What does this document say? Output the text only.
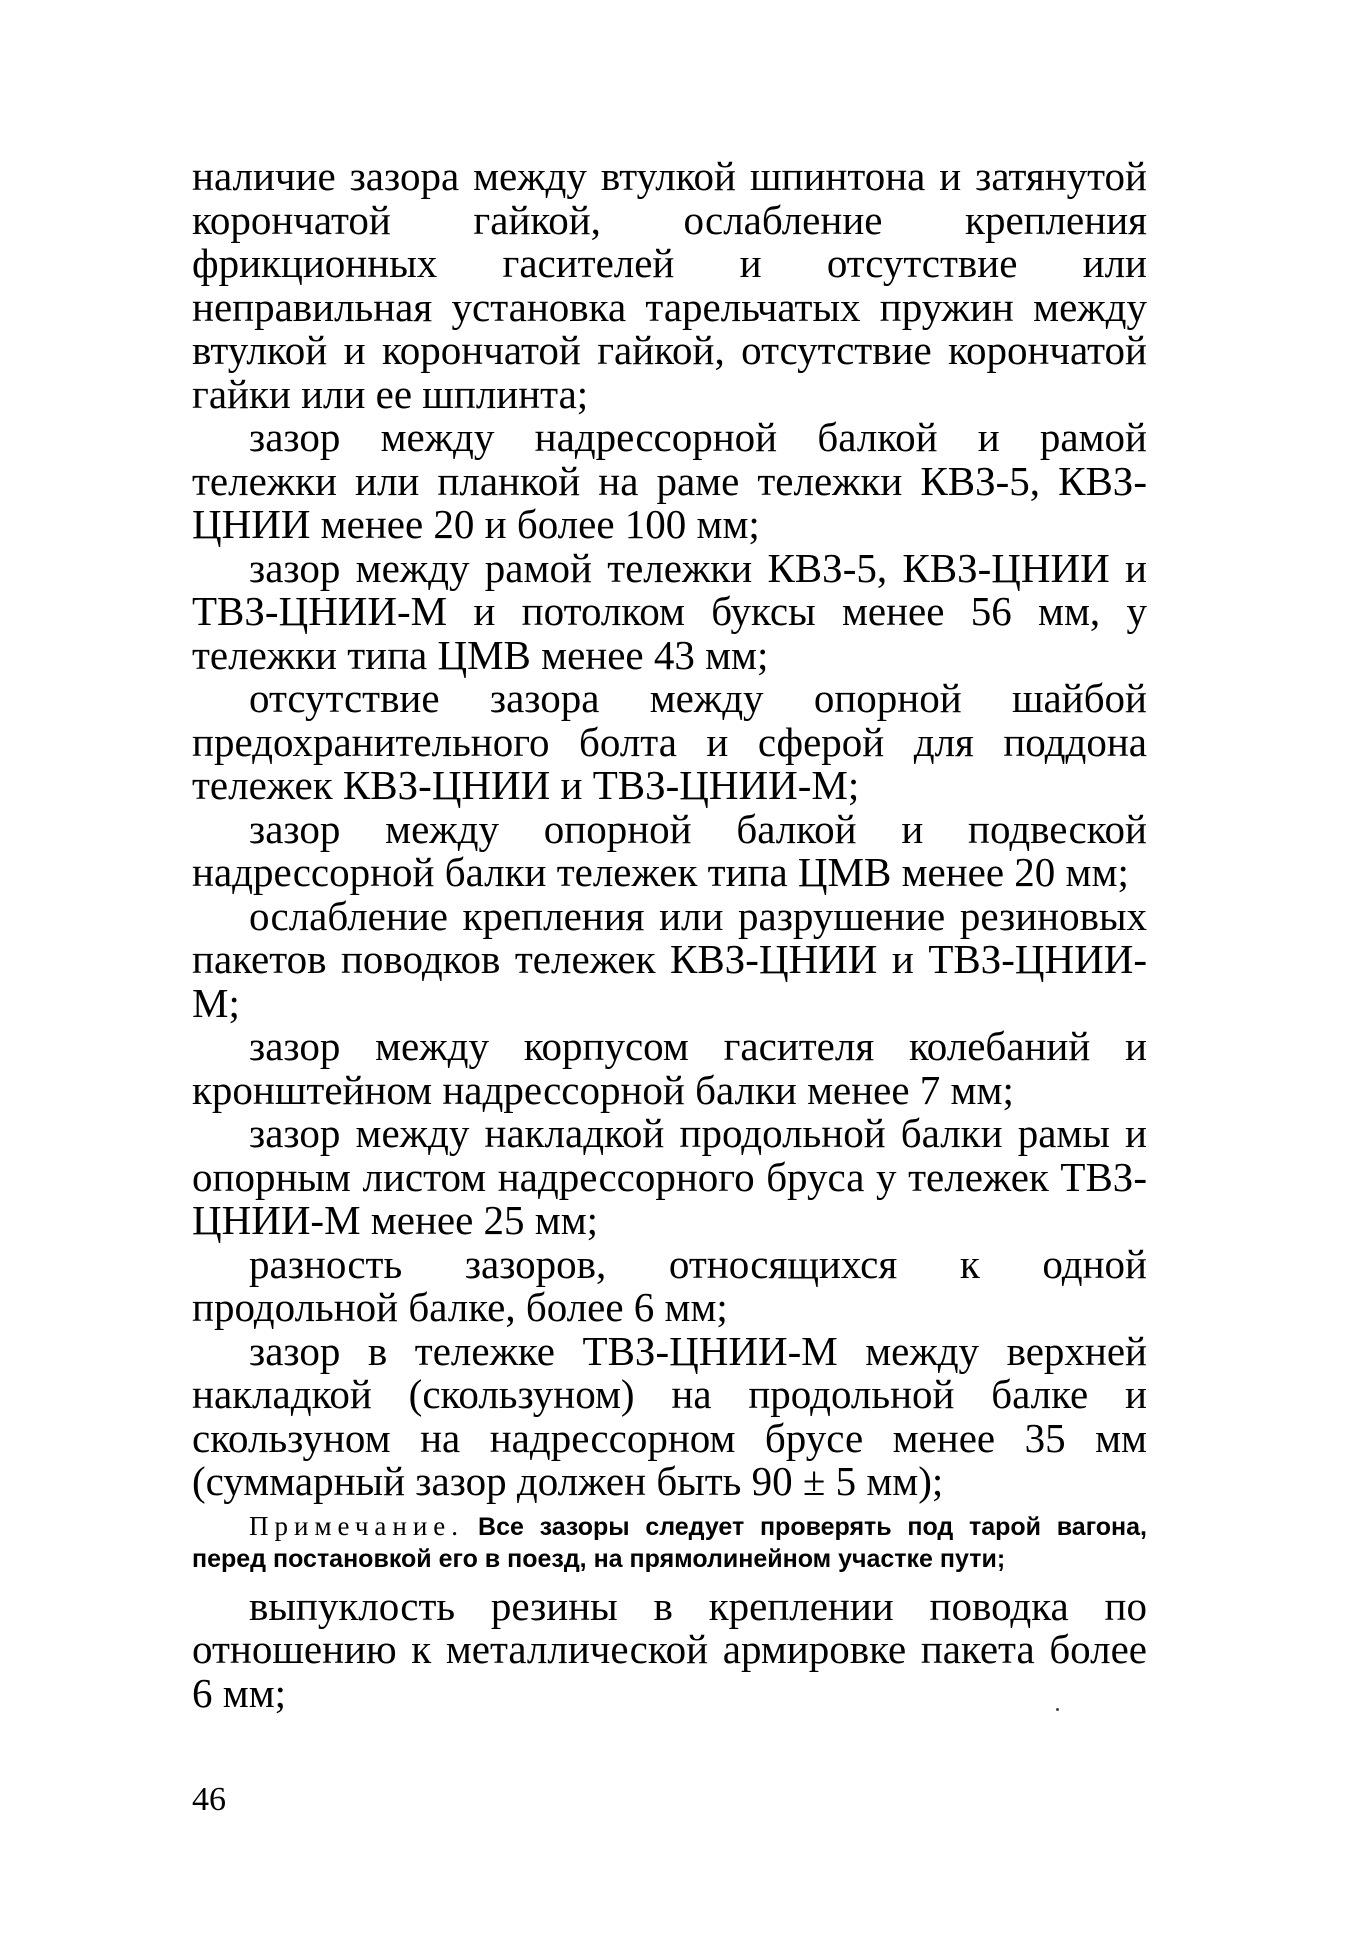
наличие зазора между втулкой шпинтона и затянутой корончатой гайкой, ослабление крепления фрикционных гасителей и отсутствие или неправильная установка тарельчатых пружин между втулкой и корончатой гайкой, отсутствие корончатой гайки или ее шплинта;

зазор между надрессорной балкой и рамой тележки или планкой на раме тележки КВЗ-5, КВЗ-ЦНИИ менее 20 и более 100 мм;

зазор между рамой тележки КВЗ-5, КВЗ-ЦНИИ и ТВЗ-ЦНИИ-М и потолком буксы менее 56 мм, у тележки типа ЦМВ менее 43 мм;

отсутствие зазора между опорной шайбой предохранительного болта и сферой для поддона тележек КВЗ-ЦНИИ и ТВЗ-ЦНИИ-М;

зазор между опорной балкой и подвеской надрессорной балки тележек типа ЦМВ менее 20 мм;

ослабление крепления или разрушение резиновых пакетов поводков тележек КВЗ-ЦНИИ и ТВЗ-ЦНИИ-М;

зазор между корпусом гасителя колебаний и кронштейном надрессорной балки менее 7 мм;

зазор между накладкой продольной балки рамы и опорным листом надрессорного бруса у тележек ТВЗ-ЦНИИ-М менее 25 мм;

разность зазоров, относящихся к одной продольной балке, более 6 мм;

зазор в тележке ТВЗ-ЦНИИ-М между верхней накладкой (скользуном) на продольной балке и скользуном на надрессорном брусе менее 35 мм (суммарный зазор должен быть 90 ± 5 мм);

Примечание. Все зазоры следует проверять под тарой вагона, перед постановкой его в поезд, на прямолинейном участке пути;

выпуклость резины в креплении поводка по отношению к металлической армировке пакета более 6 мм;

46
